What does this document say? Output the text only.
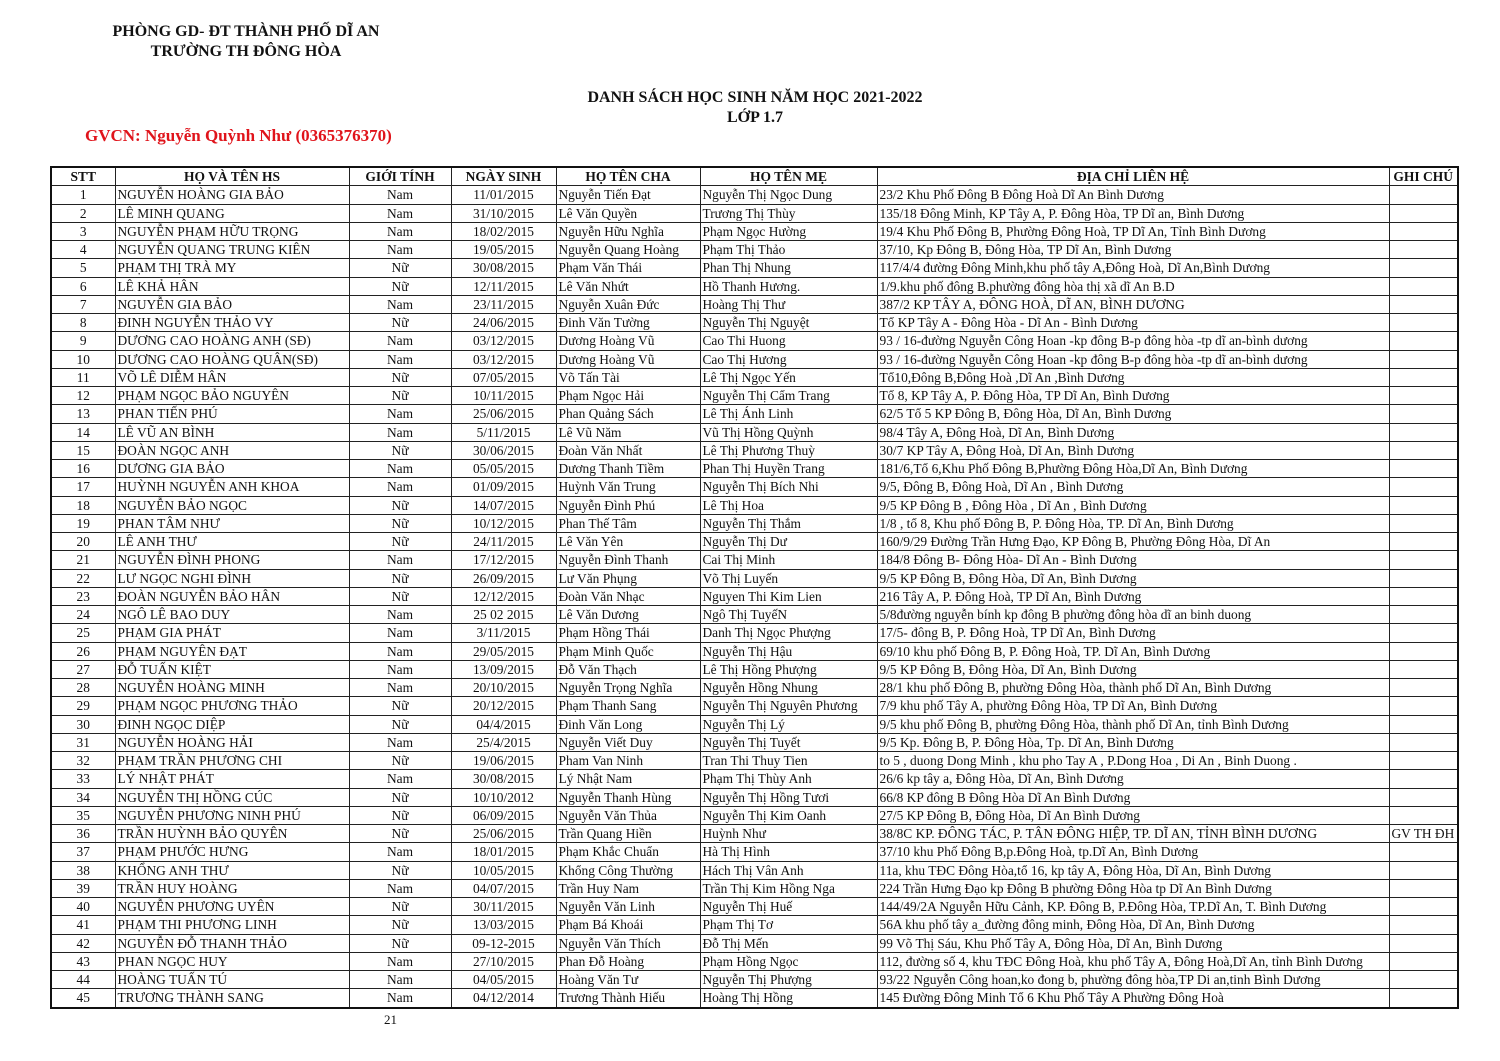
PHÒNG GD- ĐT THÀNH PHỐ DĨ AN
TRƯỜNG TH ĐÔNG HÒA
DANH SÁCH HỌC SINH NĂM HỌC 2021-2022
LỚP 1.7
GVCN: Nguyễn Quỳnh Như (0365376370)
STT	HỌ VÀ TÊN HS	GIỚI TÍNH	NGÀY SINH	HỌ TÊN CHA	HỌ TÊN MẸ	ĐỊA CHỈ LIÊN HỆ	GHI CHÚ
1	NGUYỄN HOÀNG GIA BẢO	Nam	11/01/2015	Nguyễn Tiến Đạt	Nguyễn Thị Ngọc Dung	23/2 Khu Phố Đông B Đông Hoà Dĩ An Bình Dương	
2	LÊ MINH QUANG	Nam	31/10/2015	Lê Văn Quyền	Trương Thị Thùy	135/18 Đông Minh, KP Tây A, P. Đông Hòa, TP Dĩ an, Bình Dương	
3	NGUYỄN PHẠM HỮU TRỌNG	Nam	18/02/2015	Nguyễn Hữu Nghĩa	Phạm Ngọc Hường	19/4 Khu Phố Đông B, Phường Đông Hoà, TP Dĩ An, Tỉnh Bình Dương	
4	NGUYỄN QUANG TRUNG KIÊN	Nam	19/05/2015	Nguyễn Quang Hoàng	Phạm Thị Thảo	37/10, Kp Đông B, Đông Hòa, TP Dĩ An, Bình Dương	
5	PHẠM THỊ TRÀ MY	Nữ	30/08/2015	Phạm Văn Thái	Phan Thị Nhung	117/4/4 đường Đông Minh,khu phố tây A,Đông Hoà, Dĩ An,Bình Dương	
6	LÊ KHẢ HÂN	Nữ	12/11/2015	Lê Văn Nhứt	Hồ Thanh Hương.	1/9.khu phố đông B.phường đông hòa thị xã dĩ An B.D	
7	NGUYỄN GIA BẢO	Nam	23/11/2015	Nguyễn Xuân Đức	Hoàng Thị Thư	387/2 KP TÂY A, ĐÔNG HOÀ, DĨ AN, BÌNH DƯƠNG	
8	ĐINH NGUYỄN THẢO VY	Nữ	24/06/2015	Đinh Văn Tường	Nguyễn Thị Nguyệt	Tổ KP Tây A - Đông Hòa - Dĩ An - Bình Dương	
9	DƯƠNG CAO HOÀNG ANH (SĐ)	Nam	03/12/2015	Dương Hoàng Vũ	Cao Thi Huong	93 / 16-đường Nguyễn Công Hoan -kp đông B-p đông hòa -tp dĩ an-bình dương	
10	DƯƠNG CAO HOÀNG QUÂN(SĐ)	Nam	03/12/2015	Dương Hoàng Vũ	Cao Thị Hương	93 / 16-đường Nguyễn Công Hoan -kp đông B-p đông hòa -tp dĩ an-bình dương	
11	VÕ LÊ DIỄM HÂN	Nữ	07/05/2015	Võ Tấn Tài	Lê Thị Ngọc Yến	Tổ10,Đông B,Đông Hoà ,Dĩ An ,Bình Dương	
12	PHẠM NGỌC BẢO NGUYÊN	Nữ	10/11/2015	Phạm Ngọc Hải	Nguyễn Thị Cẩm Trang	Tổ 8, KP Tây A, P. Đông Hòa, TP Dĩ An, Bình Dương	
13	PHAN TIẾN PHÚ	Nam	25/06/2015	Phan Quảng Sách	Lê Thị Ánh Linh	62/5 Tổ 5 KP Đông B, Đông Hòa, Dĩ An, Bình Dương	
14	LÊ VŨ AN BÌNH	Nam	5/11/2015	Lê Vũ Năm	Vũ Thị Hồng Quỳnh	98/4 Tây A, Đông Hoà, Dĩ An, Bình Dương	
15	ĐOÀN NGỌC ANH	Nữ	30/06/2015	Đoàn Văn Nhất	Lê Thị Phương Thuỳ	30/7 KP Tây A, Đông Hoà, Dĩ An, Bình Dương	
16	DƯƠNG GIA BẢO	Nam	05/05/2015	Dương Thanh Tiềm	Phan Thị Huyền Trang	181/6,Tổ 6,Khu Phố Đông B,Phường Đông Hòa,Dĩ An, Bình Dương	
17	HUỲNH NGUYỄN ANH KHOA	Nam	01/09/2015	Huỳnh Văn Trung	Nguyễn Thị Bích Nhi	9/5, Đông B, Đông Hoà, Dĩ An , Bình Dương	
18	NGUYỄN BẢO NGỌC	Nữ	14/07/2015	Nguyễn Đình Phú	Lê Thị Hoa	9/5 KP Đông B , Đông Hòa , Dĩ An , Bình Dương	
19	PHAN TÂM NHƯ	Nữ	10/12/2015	Phan Thế Tâm	Nguyễn Thị Thắm	1/8 , tổ 8, Khu phố Đông B, P. Đông Hòa, TP. Dĩ An, Bình Dương	
20	LÊ ANH THƯ	Nữ	24/11/2015	Lê Văn Yên	Nguyễn Thị Dư	160/9/29 Đường Trần Hưng Đạo, KP Đông B, Phường Đông Hòa, Dĩ An	
21	NGUYỄN ĐÌNH PHONG	Nam	17/12/2015	Nguyễn Đình Thanh	Cai Thị Minh	184/8 Đông B- Đông Hòa- Dĩ An - Bình Dương	
22	LƯ NGỌC NGHI ĐÌNH	Nữ	26/09/2015	Lư Văn Phụng	Võ Thị Luyến	9/5 KP Đông B, Đông Hòa, Dĩ An, Bình Dương	
23	ĐOÀN NGUYỄN BẢO HÂN	Nữ	12/12/2015	Đoàn Văn Nhạc	Nguyen Thi Kim Lien	216 Tây A, P. Đông Hoà, TP Dĩ An, Bình Dương	
24	NGÔ LÊ BAO DUY	Nam	25 02 2015	Lê Văn Dương	Ngô Thị TuyếN	5/8đường nguyễn bính kp đông B phường đông hòa dĩ an binh duong	
25	PHẠM GIA PHÁT	Nam	3/11/2015	Phạm Hồng Thái	Danh Thị Ngọc Phượng	17/5- đông B, P. Đông Hoà, TP Dĩ An, Bình Dương	
26	PHẠM NGUYÊN ĐẠT	Nam	29/05/2015	Phạm Minh Quốc	Nguyễn Thị Hậu	69/10 khu phố Đông B, P. Đông Hoà, TP. Dĩ An, Bình Dương	
27	ĐỖ TUẤN KIỆT	Nam	13/09/2015	Đỗ Văn Thạch	Lê Thị Hồng Phượng	9/5 KP Đông B, Đông Hòa, Dĩ An, Bình Dương	
28	NGUYỄN HOÀNG MINH	Nam	20/10/2015	Nguyễn Trọng Nghĩa	Nguyễn Hồng Nhung	28/1 khu phố Đông B, phường Đông Hòa, thành phố Dĩ An, Bình Dương	
29	PHẠM NGỌC PHƯƠNG THẢO	Nữ	20/12/2015	Phạm Thanh Sang	Nguyễn Thị Nguyên Phương	7/9 khu phố Tây A, phường Đông Hòa, TP Dĩ An, Bình Dương	
30	ĐINH NGỌC DIỆP	Nữ	04/4/2015	Đinh Văn Long	Nguyễn Thị Lý	9/5 khu phố Đông B, phường Đông Hòa, thành phố Dĩ An, tỉnh Bình Dương	
31	NGUYỄN HOÀNG HẢI	Nam	25/4/2015	Nguyễn Viết Duy	Nguyễn Thị Tuyết	9/5 Kp. Đông B, P. Đông Hòa, Tp. Dĩ An, Bình Dương	
32	PHẠM TRẦN PHƯƠNG CHI	Nữ	19/06/2015	Pham Van Ninh	Tran Thi Thuy Tien	to 5 , duong Dong Minh , khu pho Tay A , P.Dong Hoa , Di An , Binh Duong .	
33	LÝ NHẬT PHÁT	Nam	30/08/2015	Lý Nhật Nam	Phạm Thị Thùy Anh	26/6 kp tây a, Đông Hòa, Dĩ An, Bình Dương	
34	NGUYỄN THỊ HỒNG CÚC	Nữ	10/10/2012	Nguyễn Thanh Hùng	Nguyễn Thị Hồng Tươi	66/8 KP đông B Đông Hòa Dĩ An Bình Dương	
35	NGUYỄN PHƯƠNG NINH PHÚ	Nữ	06/09/2015	Nguyễn Văn Thủa	Nguyễn Thị Kim Oanh	27/5 KP Đông B, Đông Hòa, Dĩ An Bình Dương	
36	TRẦN HUỲNH BẢO QUYÊN	Nữ	25/06/2015	Trần Quang Hiền	Huỳnh Như	38/8C KP. ĐÔNG TÁC, P. TÂN ĐÔNG HIỆP, TP. DĨ AN, TỈNH BÌNH DƯƠNG	GV TH ĐH
37	PHẠM PHƯỚC HƯNG	Nam	18/01/2015	Phạm Khắc Chuẩn	Hà Thị Hình	37/10 khu Phố Đông B,p.Đông Hoà, tp.Dĩ An, Bình Dương	
38	KHỔNG ANH THƯ	Nữ	10/05/2015	Khổng Công Thường	Hách Thị Vân Anh	11a, khu TĐC Đông Hòa,tổ 16, kp tây A, Đông Hòa, Dĩ An, Bình Dương	
39	TRẦN HUY HOÀNG	Nam	04/07/2015	Trần Huy Nam	Trần Thị Kim Hồng Nga	224 Trần Hưng Đạo kp Đông B phường Đông Hòa tp Dĩ An Bình Dương	
40	NGUYỄN PHƯƠNG UYÊN	Nữ	30/11/2015	Nguyễn Văn Linh	Nguyễn Thị Huế	144/49/2A Nguyễn Hữu Cảnh, KP. Đông B, P.Đông Hòa, TP.Dĩ An, T. Bình Dương	
41	PHẠM THI PHƯƠNG LINH	Nữ	13/03/2015	Phạm Bá Khoái	Phạm Thị Tơ	56A khu phố tây a_đường đông minh, Đông Hòa, Dĩ An, Bình Dương	
42	NGUYỄN ĐỖ THANH THẢO	Nữ	09-12-2015	Nguyễn Văn Thích	Đỗ Thị Mến	99 Võ Thị Sáu, Khu Phố Tây A, Đông Hòa, Dĩ An, Bình Dương	
43	PHAN NGỌC HUY	Nam	27/10/2015	Phan Đỗ Hoàng	Phạm Hồng Ngọc	112, đường số 4, khu TĐC Đông Hoà, khu phố Tây A, Đông Hoà,Dĩ An, tỉnh Bình Dương	
44	HOÀNG TUẤN TÚ	Nam	04/05/2015	Hoàng Văn Tư	Nguyễn Thị Phượng	93/22 Nguyễn Công hoan,ko đong b, phường đông hòa,TP Di an,tinh Bình Dương	
45	TRƯƠNG THÀNH SANG	Nam	04/12/2014	Trương Thành Hiếu	Hoàng Thị Hồng	145 Đường Đông Minh Tổ 6 Khu Phố Tây A Phường Đông Hoà	
21
